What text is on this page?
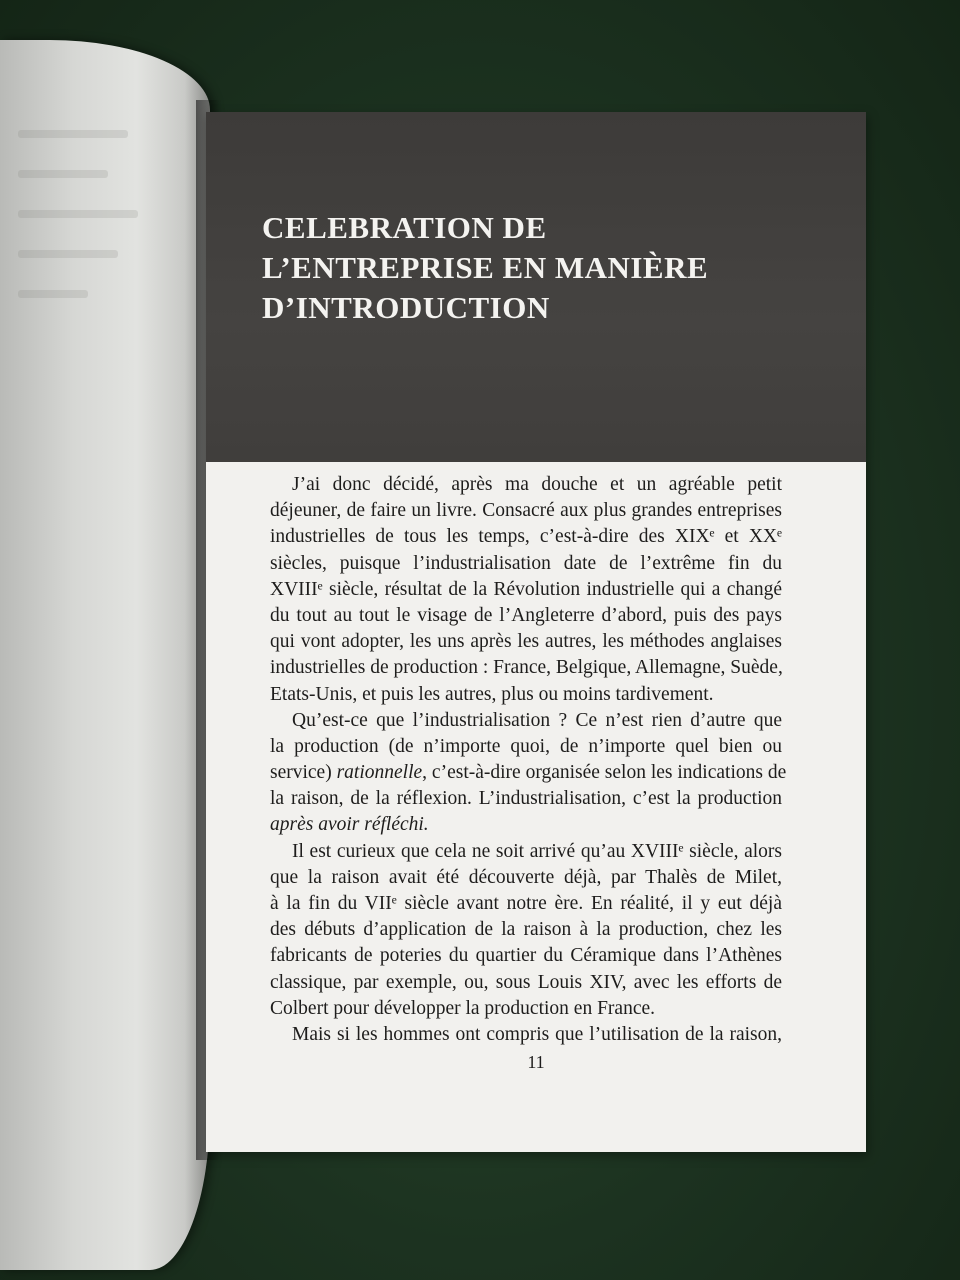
CELEBRATION DE
L’ENTREPRISE EN MANIÈRE
D’INTRODUCTION
J’ai donc décidé, après ma douche et un agréable petit
déjeuner, de faire un livre. Consacré aux plus grandes entreprises
industrielles de tous les temps, c’est-à-dire des XIXᵉ et XXᵉ
siècles, puisque l’industrialisation date de l’extrême fin du
XVIIIᵉ siècle, résultat de la Révolution industrielle qui a changé
du tout au tout le visage de l’Angleterre d’abord, puis des pays
qui vont adopter, les uns après les autres, les méthodes anglaises
industrielles de production : France, Belgique, Allemagne, Suède,
Etats-Unis, et puis les autres, plus ou moins tardivement.
Qu’est-ce que l’industrialisation ? Ce n’est rien d’autre que
la production (de n’importe quoi, de n’importe quel bien ou
service) rationnelle, c’est-à-dire organisée selon les indications de
la raison, de la réflexion. L’industrialisation, c’est la production
après avoir réfléchi.
Il est curieux que cela ne soit arrivé qu’au XVIIIᵉ siècle, alors
que la raison avait été découverte déjà, par Thalès de Milet,
à la fin du VIIᵉ siècle avant notre ère. En réalité, il y eut déjà
des débuts d’application de la raison à la production, chez les
fabricants de poteries du quartier du Céramique dans l’Athènes
classique, par exemple, ou, sous Louis XIV, avec les efforts de
Colbert pour développer la production en France.
Mais si les hommes ont compris que l’utilisation de la raison,
11
